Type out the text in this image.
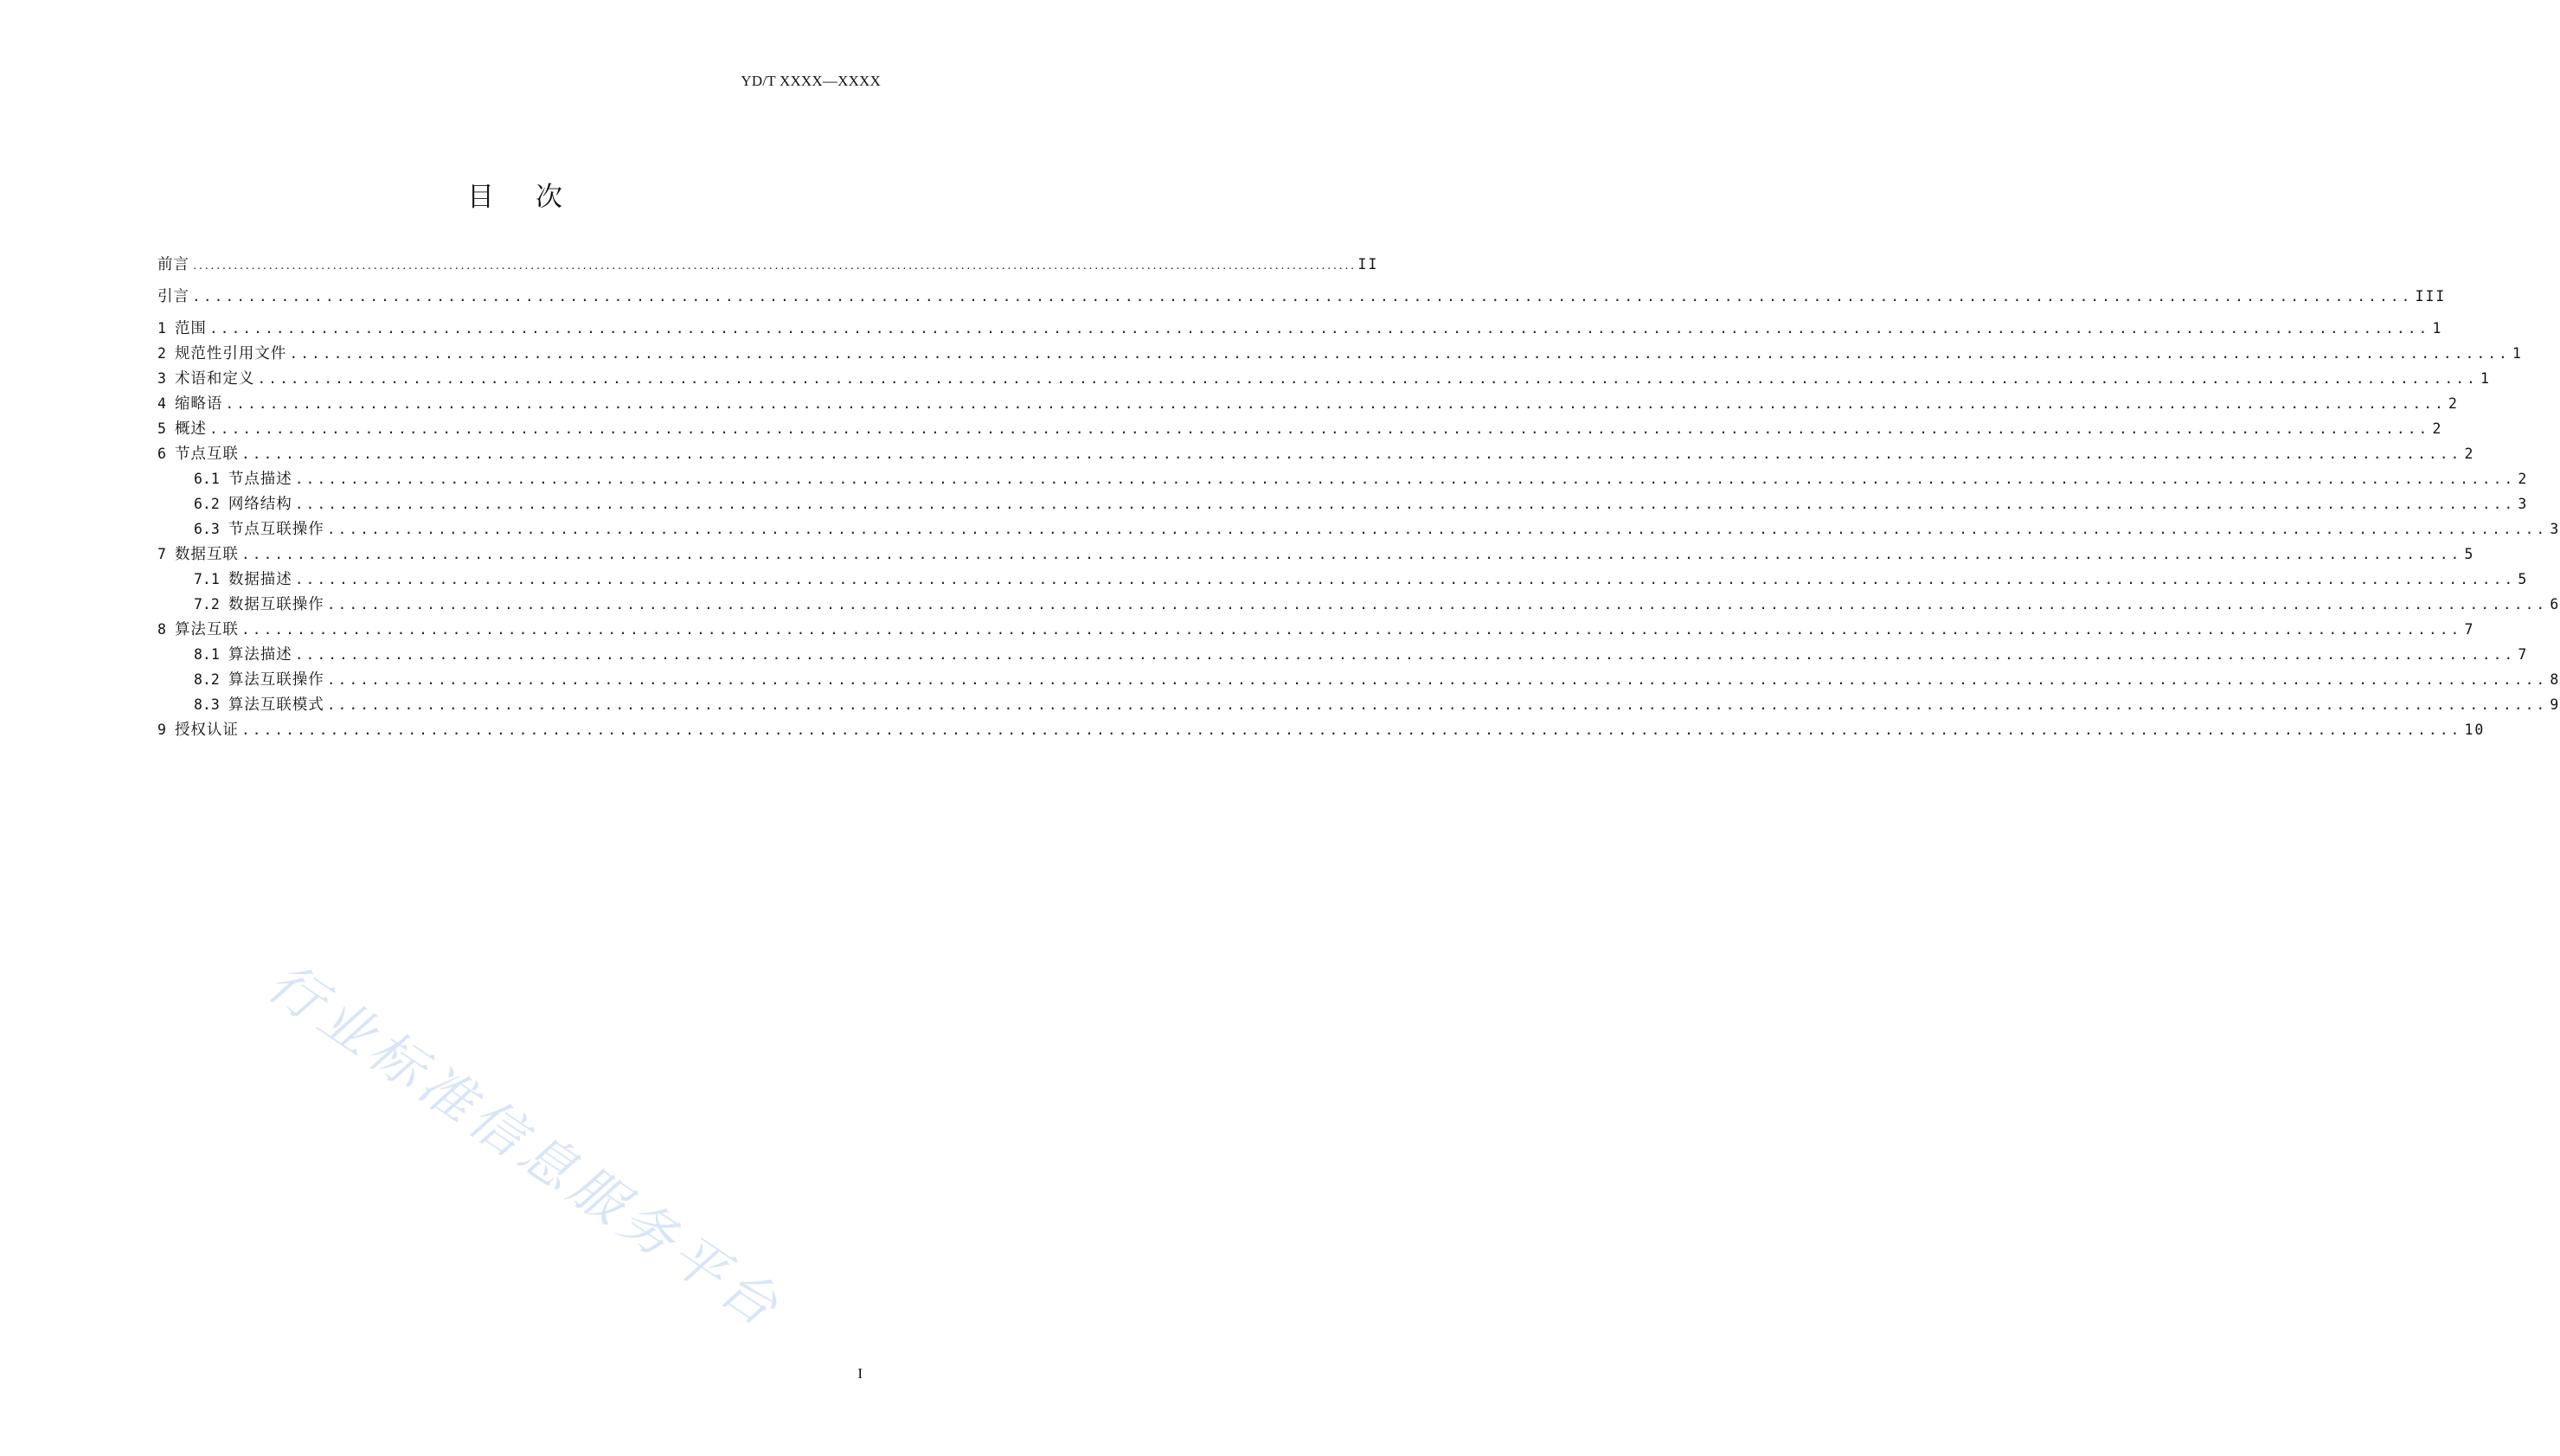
YD/T XXXX—XXXX
目次
前言 ........................................................................................................................................................................................................ II
引言 ........................................................................................................................................................................................................ III
1 范围 ........................................................................................................................................................................................................ 1
2 规范性引用文件 ........................................................................................................................................................................................................ 1
3 术语和定义 ........................................................................................................................................................................................................ 1
4 缩略语 ........................................................................................................................................................................................................ 2
5 概述 ........................................................................................................................................................................................................ 2
6 节点互联 ........................................................................................................................................................................................................ 2
6.1 节点描述 ........................................................................................................................................................................................................ 2
6.2 网络结构 ........................................................................................................................................................................................................ 3
6.3 节点互联操作 ........................................................................................................................................................................................................ 3
7 数据互联 ........................................................................................................................................................................................................ 5
7.1 数据描述 ........................................................................................................................................................................................................ 5
7.2 数据互联操作 ........................................................................................................................................................................................................ 6
8 算法互联 ........................................................................................................................................................................................................ 7
8.1 算法描述 ........................................................................................................................................................................................................ 7
8.2 算法互联操作 ........................................................................................................................................................................................................ 8
8.3 算法互联模式 ........................................................................................................................................................................................................ 9
9 授权认证 ........................................................................................................................................................................................................ 10
I
行业标准信息服务平台
